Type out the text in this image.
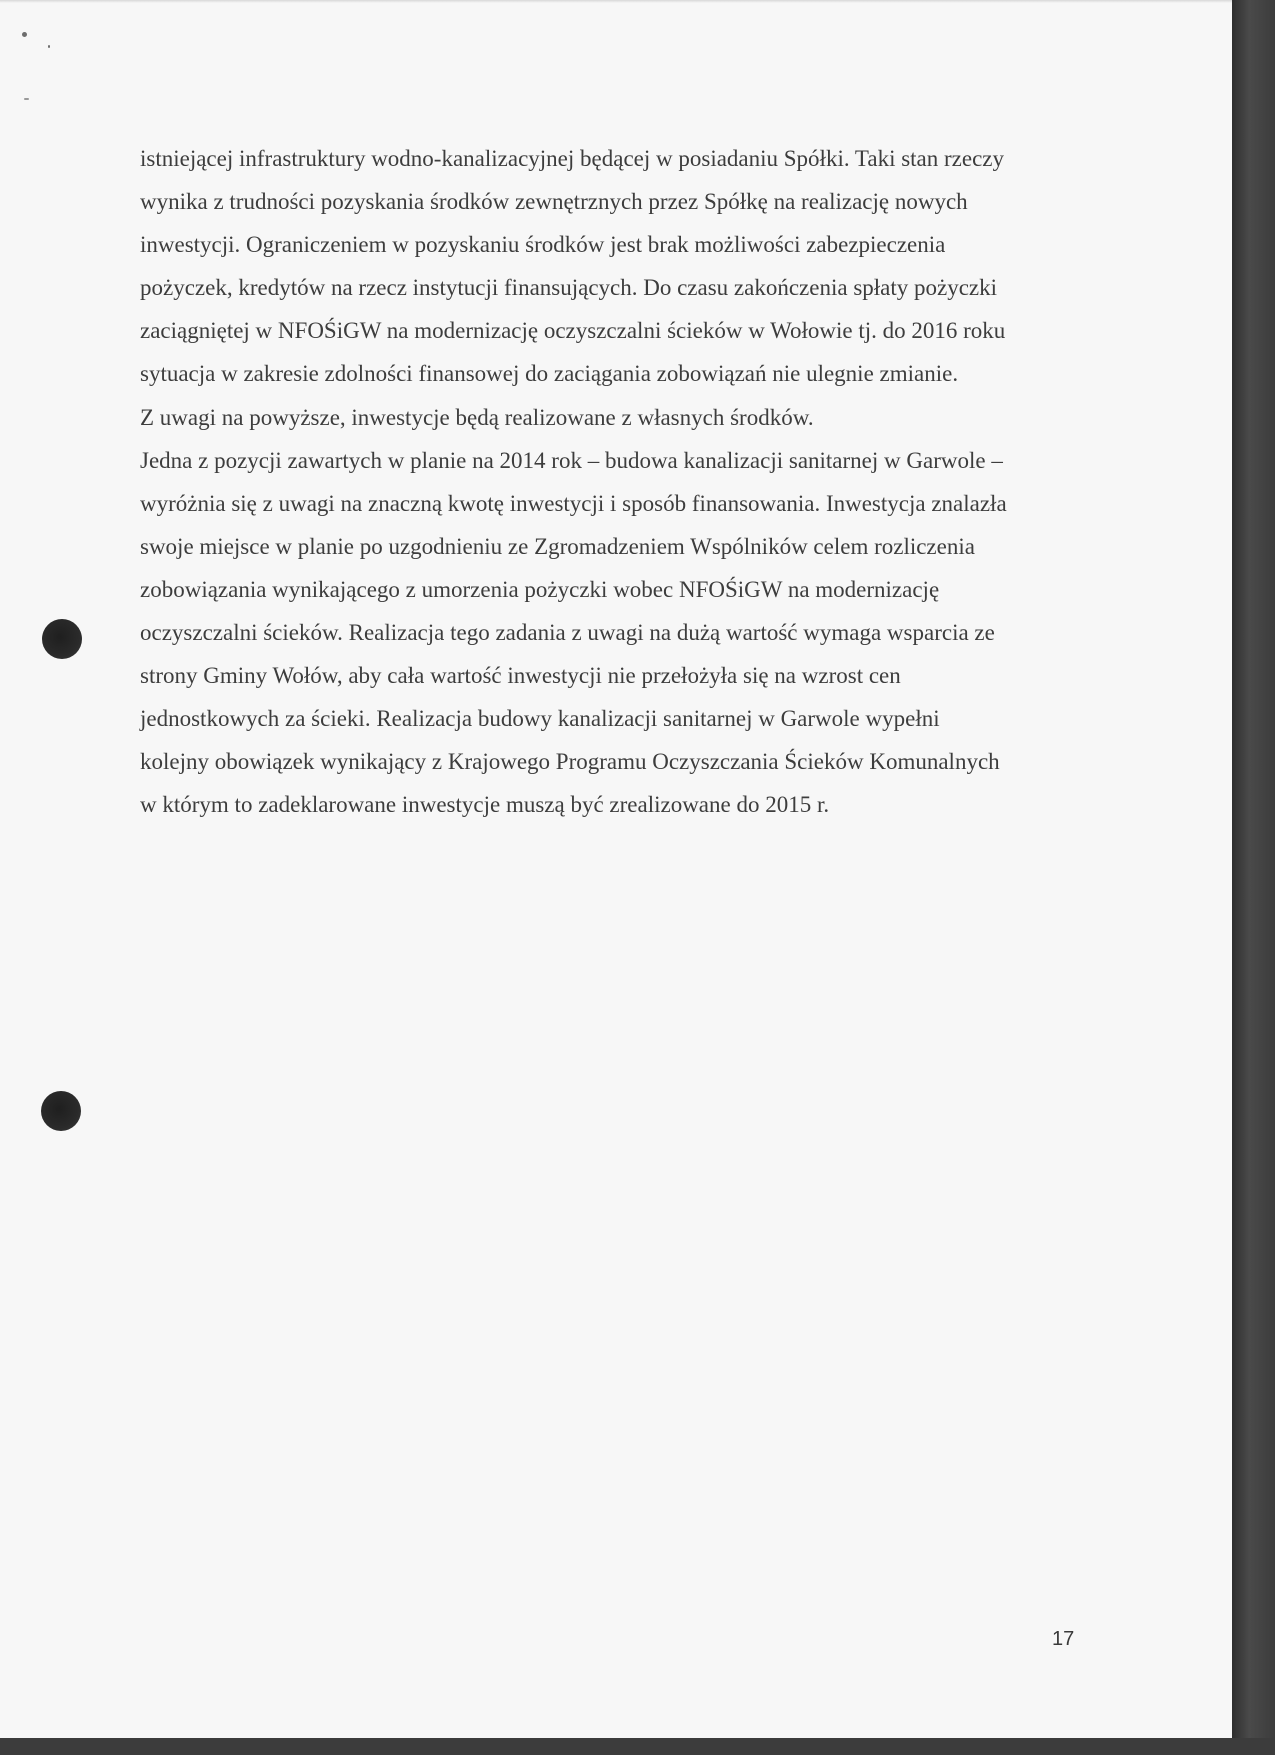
istniejącej infrastruktury wodno-kanalizacyjnej będącej w posiadaniu Spółki. Taki stan rzeczy
wynika z trudności pozyskania środków zewnętrznych przez Spółkę na realizację nowych
inwestycji. Ograniczeniem w pozyskaniu środków jest brak możliwości zabezpieczenia
pożyczek, kredytów na rzecz instytucji finansujących. Do czasu zakończenia spłaty pożyczki
zaciągniętej w NFOŚiGW na modernizację oczyszczalni ścieków w Wołowie tj. do 2016 roku
sytuacja w zakresie zdolności finansowej do zaciągania zobowiązań nie ulegnie zmianie.
Z uwagi na powyższe, inwestycje będą realizowane z własnych środków.
Jedna z pozycji zawartych w planie na 2014 rok – budowa kanalizacji sanitarnej w Garwole –
wyróżnia się z uwagi na znaczną kwotę inwestycji i sposób finansowania. Inwestycja znalazła
swoje miejsce w planie po uzgodnieniu ze Zgromadzeniem Wspólników celem rozliczenia
zobowiązania wynikającego z umorzenia pożyczki wobec NFOŚiGW na modernizację
oczyszczalni ścieków. Realizacja tego zadania z uwagi na dużą wartość wymaga wsparcia ze
strony Gminy Wołów, aby cała wartość inwestycji nie przełożyła się na wzrost cen
jednostkowych za ścieki. Realizacja budowy kanalizacji sanitarnej w Garwole wypełni
kolejny obowiązek wynikający z Krajowego Programu Oczyszczania Ścieków Komunalnych
w którym to zadeklarowane inwestycje muszą być zrealizowane do 2015 r.

17
